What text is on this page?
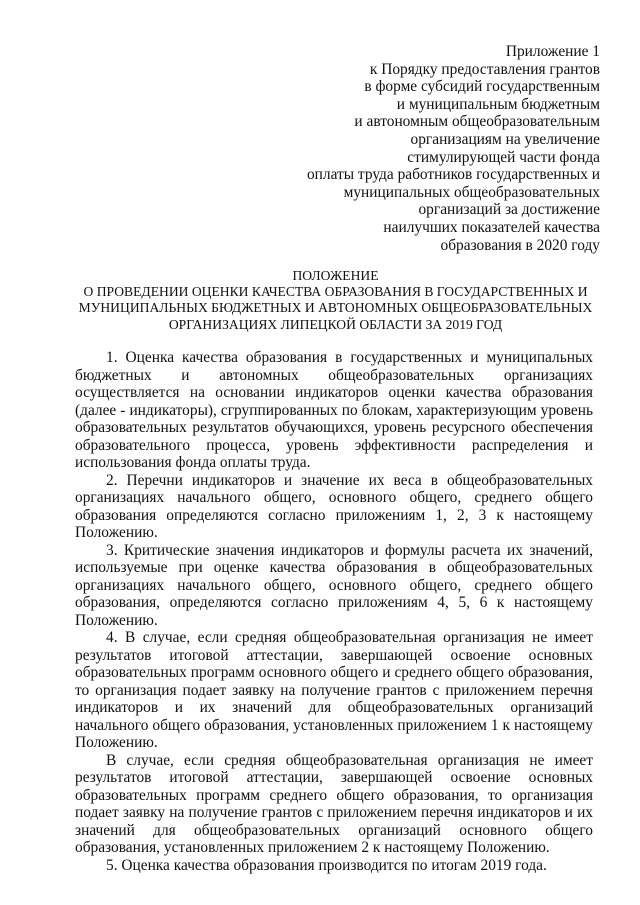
Приложение 1
к Порядку предоставления грантов
в форме субсидий государственным
и муниципальным бюджетным
и автономным общеобразовательным
организациям на увеличение
стимулирующей части фонда
оплаты труда работников государственных и
муниципальных общеобразовательных
организаций за достижение
наилучших показателей качества
образования в 2020 году
ПОЛОЖЕНИЕ
О ПРОВЕДЕНИИ ОЦЕНКИ КАЧЕСТВА ОБРАЗОВАНИЯ В ГОСУДАРСТВЕННЫХ И
МУНИЦИПАЛЬНЫХ БЮДЖЕТНЫХ И АВТОНОМНЫХ ОБЩЕОБРАЗОВАТЕЛЬНЫХ
ОРГАНИЗАЦИЯХ ЛИПЕЦКОЙ ОБЛАСТИ ЗА 2019 ГОД

1. Оценка качества образования в государственных и муниципальных бюджетных и автономных общеобразовательных организациях осуществляется на основании индикаторов оценки качества образования (далее - индикаторы), сгруппированных по блокам, характеризующим уровень образовательных результатов обучающихся, уровень ресурсного обеспечения образовательного процесса, уровень эффективности распределения и использования фонда оплаты труда.

2. Перечни индикаторов и значение их веса в общеобразовательных организациях начального общего, основного общего, среднего общего образования определяются согласно приложениям 1, 2, 3 к настоящему Положению.

3. Критические значения индикаторов и формулы расчета их значений, используемые при оценке качества образования в общеобразовательных организациях начального общего, основного общего, среднего общего образования, определяются согласно приложениям 4, 5, 6 к настоящему Положению.

4. В случае, если средняя общеобразовательная организация не имеет результатов итоговой аттестации, завершающей освоение основных образовательных программ основного общего и среднего общего образования, то организация подает заявку на получение грантов с приложением перечня индикаторов и их значений для общеобразовательных организаций начального общего образования, установленных приложением 1 к настоящему Положению.

В случае, если средняя общеобразовательная организация не имеет результатов итоговой аттестации, завершающей освоение основных образовательных программ среднего общего образования, то организация подает заявку на получение грантов с приложением перечня индикаторов и их значений для общеобразовательных организаций основного общего образования, установленных приложением 2 к настоящему Положению.

5. Оценка качества образования производится по итогам 2019 года.
